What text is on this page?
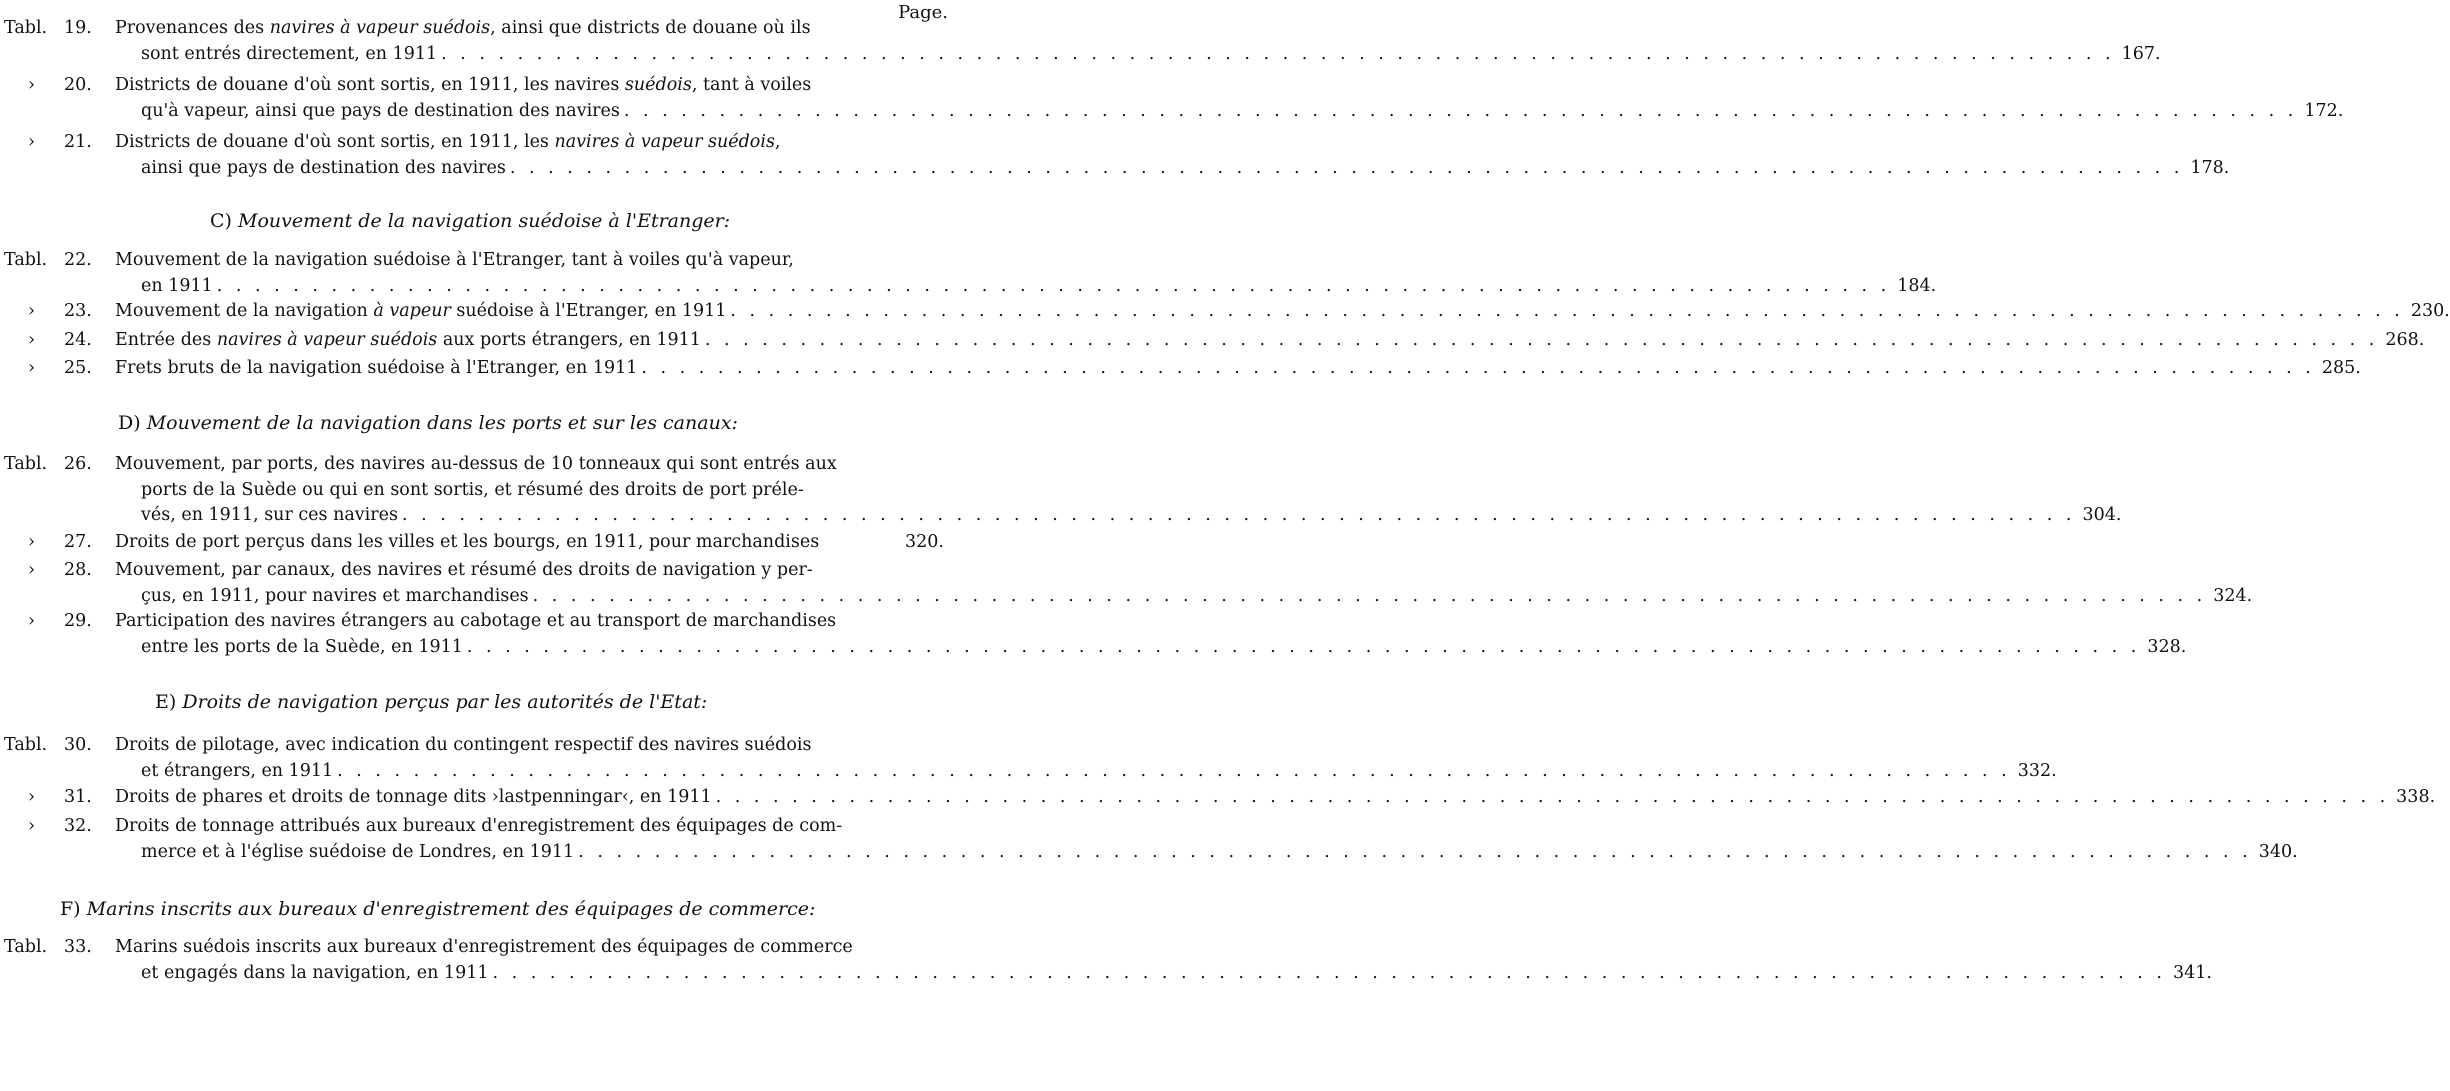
Page.
Tabl. 19. Provenances des navires à vapeur suédois , ainsi que districts de douane où ils
sont entrés directement, en 1911 . . . . . . . . . . . . . . . . . . . . . . . . . . . . . . . . . . . . . . . . . . . . . . . . . . . . . . . . . . . . . . . . . . . . . . . . . . . . . . . . . . . . . . . . 167.
› 20. Districts de douane d'où sont sortis, en 1911, les navires suédois , tant à voiles
qu'à vapeur, ainsi que pays de destination des navires . . . . . . . . . . . . . . . . . . . . . . . . . . . . . . . . . . . . . . . . . . . . . . . . . . . . . . . . . . . . . . . . . . . . . . . . . . . . . . . . . . . . . . . . 172.
› 21. Districts de douane d'où sont sortis, en 1911, les navires à vapeur suédois ,
ainsi que pays de destination des navires . . . . . . . . . . . . . . . . . . . . . . . . . . . . . . . . . . . . . . . . . . . . . . . . . . . . . . . . . . . . . . . . . . . . . . . . . . . . . . . . . . . . . . . . 178.
C) Mouvement de la navigation suédoise à l'Etranger:
Tabl. 22. Mouvement de la navigation suédoise à l'Etranger, tant à voiles qu'à vapeur,
en 1911 . . . . . . . . . . . . . . . . . . . . . . . . . . . . . . . . . . . . . . . . . . . . . . . . . . . . . . . . . . . . . . . . . . . . . . . . . . . . . . . . . . . . . . . . 184.
› 23. Mouvement de la navigation à vapeur suédoise à l'Etranger, en 1911 . . . . . . . . . . . . . . . . . . . . . . . . . . . . . . . . . . . . . . . . . . . . . . . . . . . . . . . . . . . . . . . . . . . . . . . . . . . . . . . . . . . . . . . . 230.
› 24. Entrée des navires à vapeur suédois aux ports étrangers, en 1911 . . . . . . . . . . . . . . . . . . . . . . . . . . . . . . . . . . . . . . . . . . . . . . . . . . . . . . . . . . . . . . . . . . . . . . . . . . . . . . . . . . . . . . . . 268.
› 25. Frets bruts de la navigation suédoise à l'Etranger, en 1911 . . . . . . . . . . . . . . . . . . . . . . . . . . . . . . . . . . . . . . . . . . . . . . . . . . . . . . . . . . . . . . . . . . . . . . . . . . . . . . . . . . . . . . . . 285.
D) Mouvement de la navigation dans les ports et sur les canaux:
Tabl. 26. Mouvement, par ports, des navires au-dessus de 10 tonneaux qui sont entrés aux
ports de la Suède ou qui en sont sortis, et résumé des droits de port préle-
vés, en 1911, sur ces navires . . . . . . . . . . . . . . . . . . . . . . . . . . . . . . . . . . . . . . . . . . . . . . . . . . . . . . . . . . . . . . . . . . . . . . . . . . . . . . . . . . . . . . . . 304.
› 27. Droits de port perçus dans les villes et les bourgs, en 1911, pour marchandises	320.
› 28. Mouvement, par canaux, des navires et résumé des droits de navigation y per-
çus, en 1911, pour navires et marchandises . . . . . . . . . . . . . . . . . . . . . . . . . . . . . . . . . . . . . . . . . . . . . . . . . . . . . . . . . . . . . . . . . . . . . . . . . . . . . . . . . . . . . . . . 324.
› 29. Participation des navires étrangers au cabotage et au transport de marchandises
entre les ports de la Suède, en 1911 . . . . . . . . . . . . . . . . . . . . . . . . . . . . . . . . . . . . . . . . . . . . . . . . . . . . . . . . . . . . . . . . . . . . . . . . . . . . . . . . . . . . . . . . 328.
E) Droits de navigation perçus par les autorités de l'Etat:
Tabl. 30. Droits de pilotage, avec indication du contingent respectif des navires suédois
et étrangers, en 1911 . . . . . . . . . . . . . . . . . . . . . . . . . . . . . . . . . . . . . . . . . . . . . . . . . . . . . . . . . . . . . . . . . . . . . . . . . . . . . . . . . . . . . . . . 332.
› 31. Droits de phares et droits de tonnage dits ›lastpenningar‹, en 1911 . . . . . . . . . . . . . . . . . . . . . . . . . . . . . . . . . . . . . . . . . . . . . . . . . . . . . . . . . . . . . . . . . . . . . . . . . . . . . . . . . . . . . . . . 338.
› 32. Droits de tonnage attribués aux bureaux d'enregistrement des équipages de com-
merce et à l'église suédoise de Londres, en 1911 . . . . . . . . . . . . . . . . . . . . . . . . . . . . . . . . . . . . . . . . . . . . . . . . . . . . . . . . . . . . . . . . . . . . . . . . . . . . . . . . . . . . . . . . 340.
F) Marins inscrits aux bureaux d'enregistrement des équipages de commerce:
Tabl. 33. Marins suédois inscrits aux bureaux d'enregistrement des équipages de commerce
et engagés dans la navigation, en 1911 . . . . . . . . . . . . . . . . . . . . . . . . . . . . . . . . . . . . . . . . . . . . . . . . . . . . . . . . . . . . . . . . . . . . . . . . . . . . . . . . . . . . . . . . 341.
